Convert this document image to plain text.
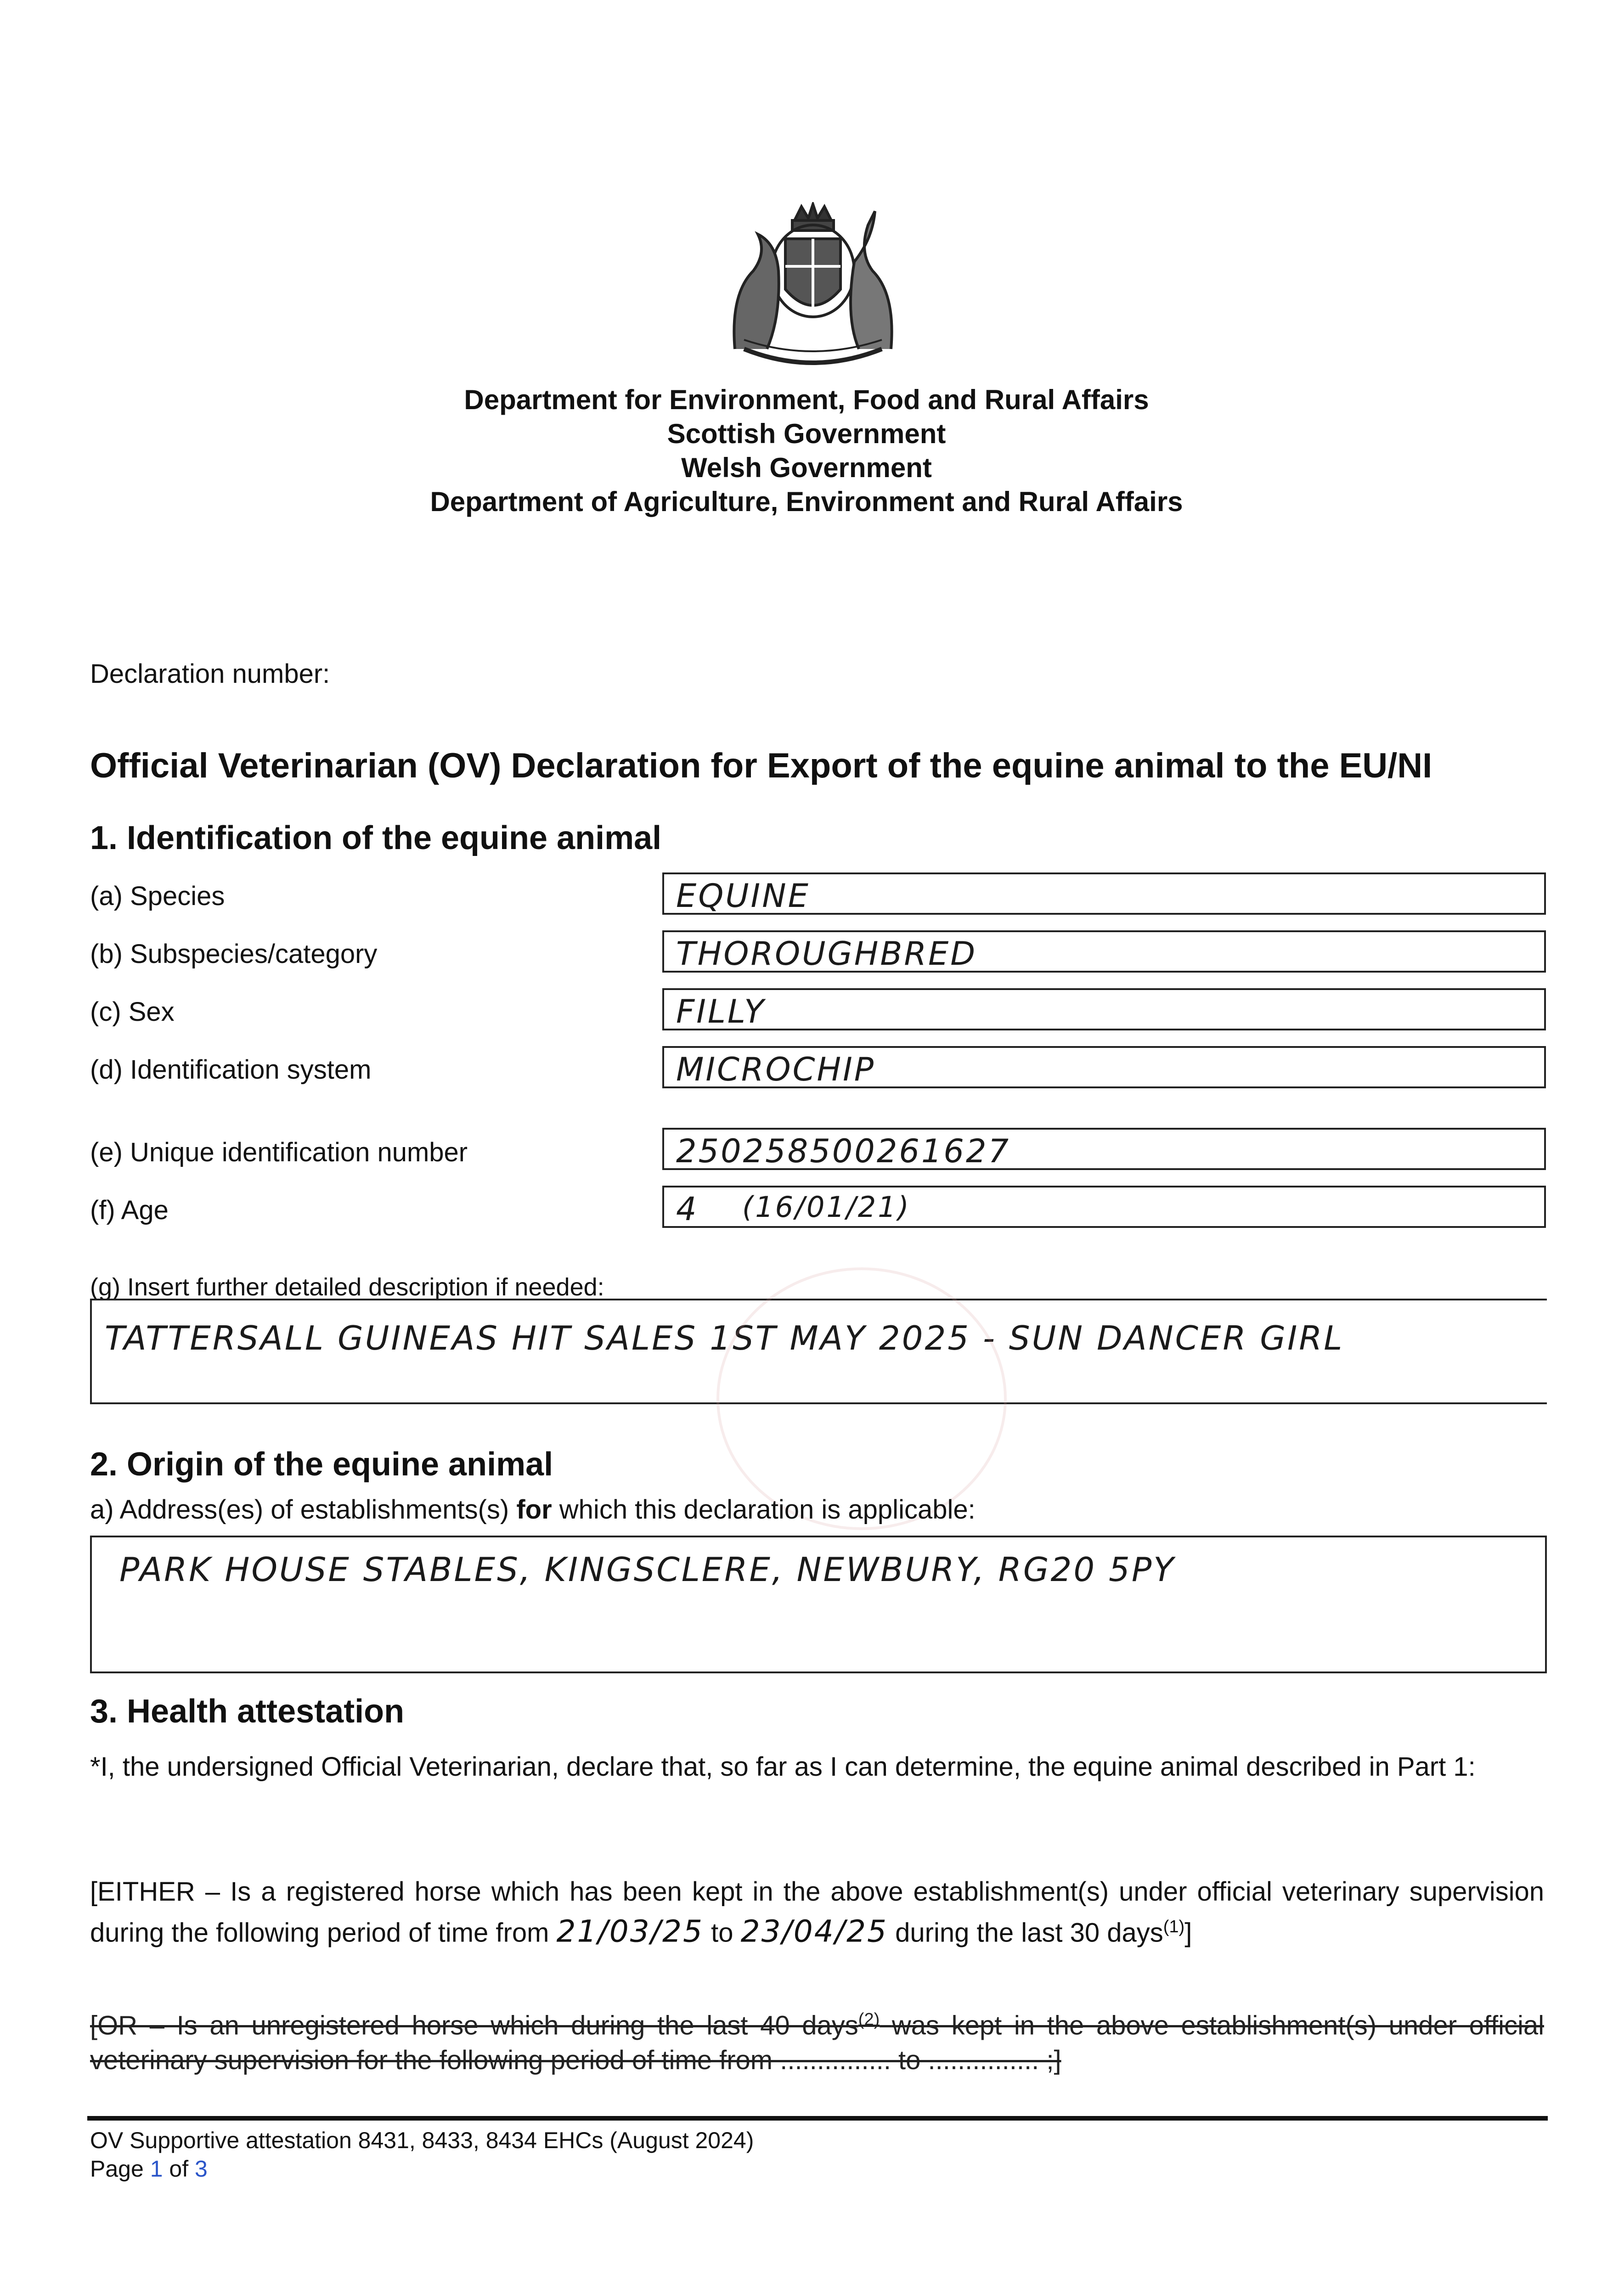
Department for Environment, Food and Rural Affairs
Scottish Government
Welsh Government
Department of Agriculture, Environment and Rural Affairs
Declaration number:
Official Veterinarian (OV) Declaration for Export of the equine animal to the EU/NI
1. Identification of the equine animal
(a) Species	EQUINE
(b) Subspecies/category	THOROUGHBRED
(c) Sex	FILLY
(d) Identification system	MICROCHIP
(e) Unique identification number	250258500261627
(f) Age	4 (16/01/21)
(g) Insert further detailed description if needed:
TATTERSALL GUINEAS HIT SALES 1ST MAY 2025 - SUN DANCER GIRL
2. Origin of the equine animal
a) Address(es) of establishments(s) for which this declaration is applicable:
PARK HOUSE STABLES, KINGSCLERE, NEWBURY, RG20 5PY
3. Health attestation
*I, the undersigned Official Veterinarian, declare that, so far as I can determine, the equine animal described in Part 1:
[EITHER – Is a registered horse which has been kept in the above establishment(s) under official veterinary supervision during the following period of time from 21/03/25 to 23/04/25 during the last 30 days$^{(1)}$]
[OR – Is an unregistered horse which during the last 40 days$^{(2)}$ was kept in the above establishment(s) under official veterinary supervision for the following period of time from ............... to ............... ;]
OV Supportive attestation 8431, 8433, 8434 EHCs (August 2024)
Page 1 of 3
